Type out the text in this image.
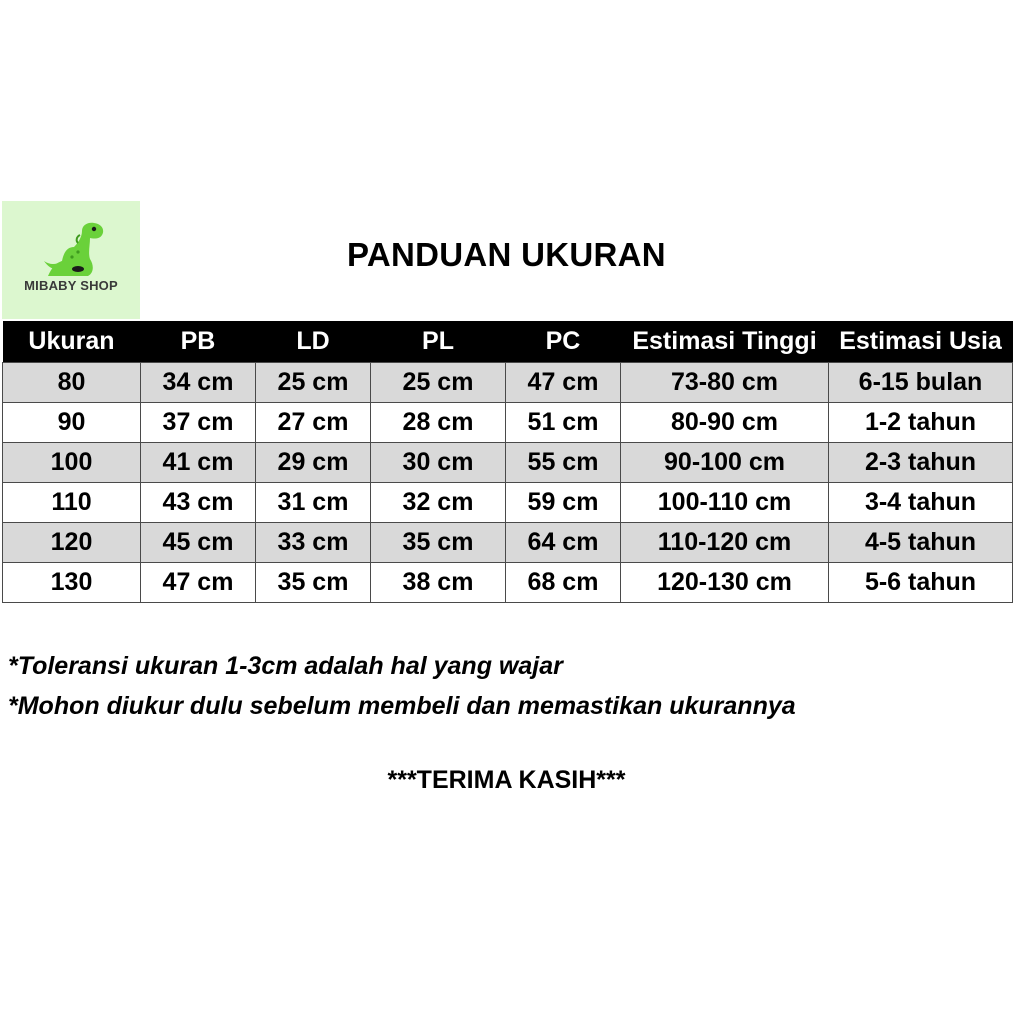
MIBABY SHOP
PANDUAN UKURAN
Ukuran	PB	LD	PL	PC	Estimasi Tinggi	Estimasi Usia
80	34 cm	25 cm	25 cm	47 cm	73-80 cm	6-15 bulan
90	37 cm	27 cm	28 cm	51 cm	80-90 cm	1-2 tahun
100	41 cm	29 cm	30 cm	55 cm	90-100 cm	2-3 tahun
110	43 cm	31 cm	32 cm	59 cm	100-110 cm	3-4 tahun
120	45 cm	33 cm	35 cm	64 cm	110-120 cm	4-5 tahun
130	47 cm	35 cm	38 cm	68 cm	120-130 cm	5-6 tahun
*Toleransi ukuran 1-3cm adalah hal yang wajar
*Mohon diukur dulu sebelum membeli dan memastikan ukurannya
***TERIMA KASIH***
